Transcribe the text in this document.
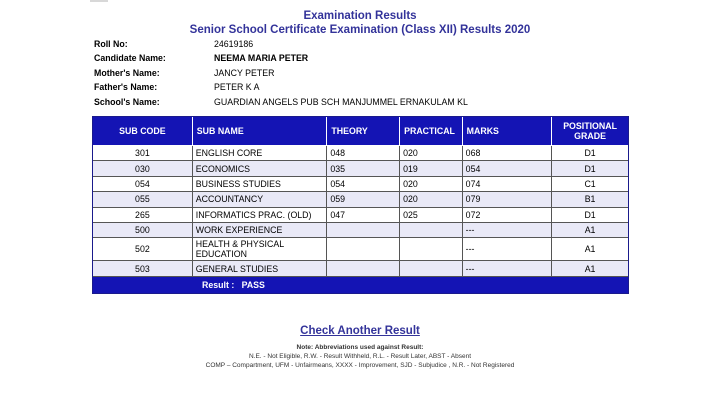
Examination Results
Senior School Certificate Examination (Class XII) Results 2020
Roll No:	24619186
Candidate Name:	NEEMA MARIA PETER
Mother's Name:	JANCY PETER
Father's Name:	PETER K A
School's Name:	GUARDIAN ANGELS PUB SCH MANJUMMEL ERNAKULAM KL
SUB CODE	SUB NAME	THEORY	PRACTICAL	MARKS	POSITIONAL
GRADE
301	ENGLISH CORE	048	020	068	D1
030	ECONOMICS	035	019	054	D1
054	BUSINESS STUDIES	054	020	074	C1
055	ACCOUNTANCY	059	020	079	B1
265	INFORMATICS PRAC. (OLD)	047	025	072	D1
500	WORK EXPERIENCE			---	A1
502	HEALTH & PHYSICAL EDUCATION			---	A1
503	GENERAL STUDIES			---	A1
Result : PASS					
Check Another Result
Note: Abbreviations used against Result:
N.E. - Not Eligible, R.W. - Result Withheld, R.L. - Result Later, ABST - Absent
COMP – Compartment, UFM - Unfairmeans, XXXX - Improvement, SJD - Subjudice , N.R. - Not Registered
